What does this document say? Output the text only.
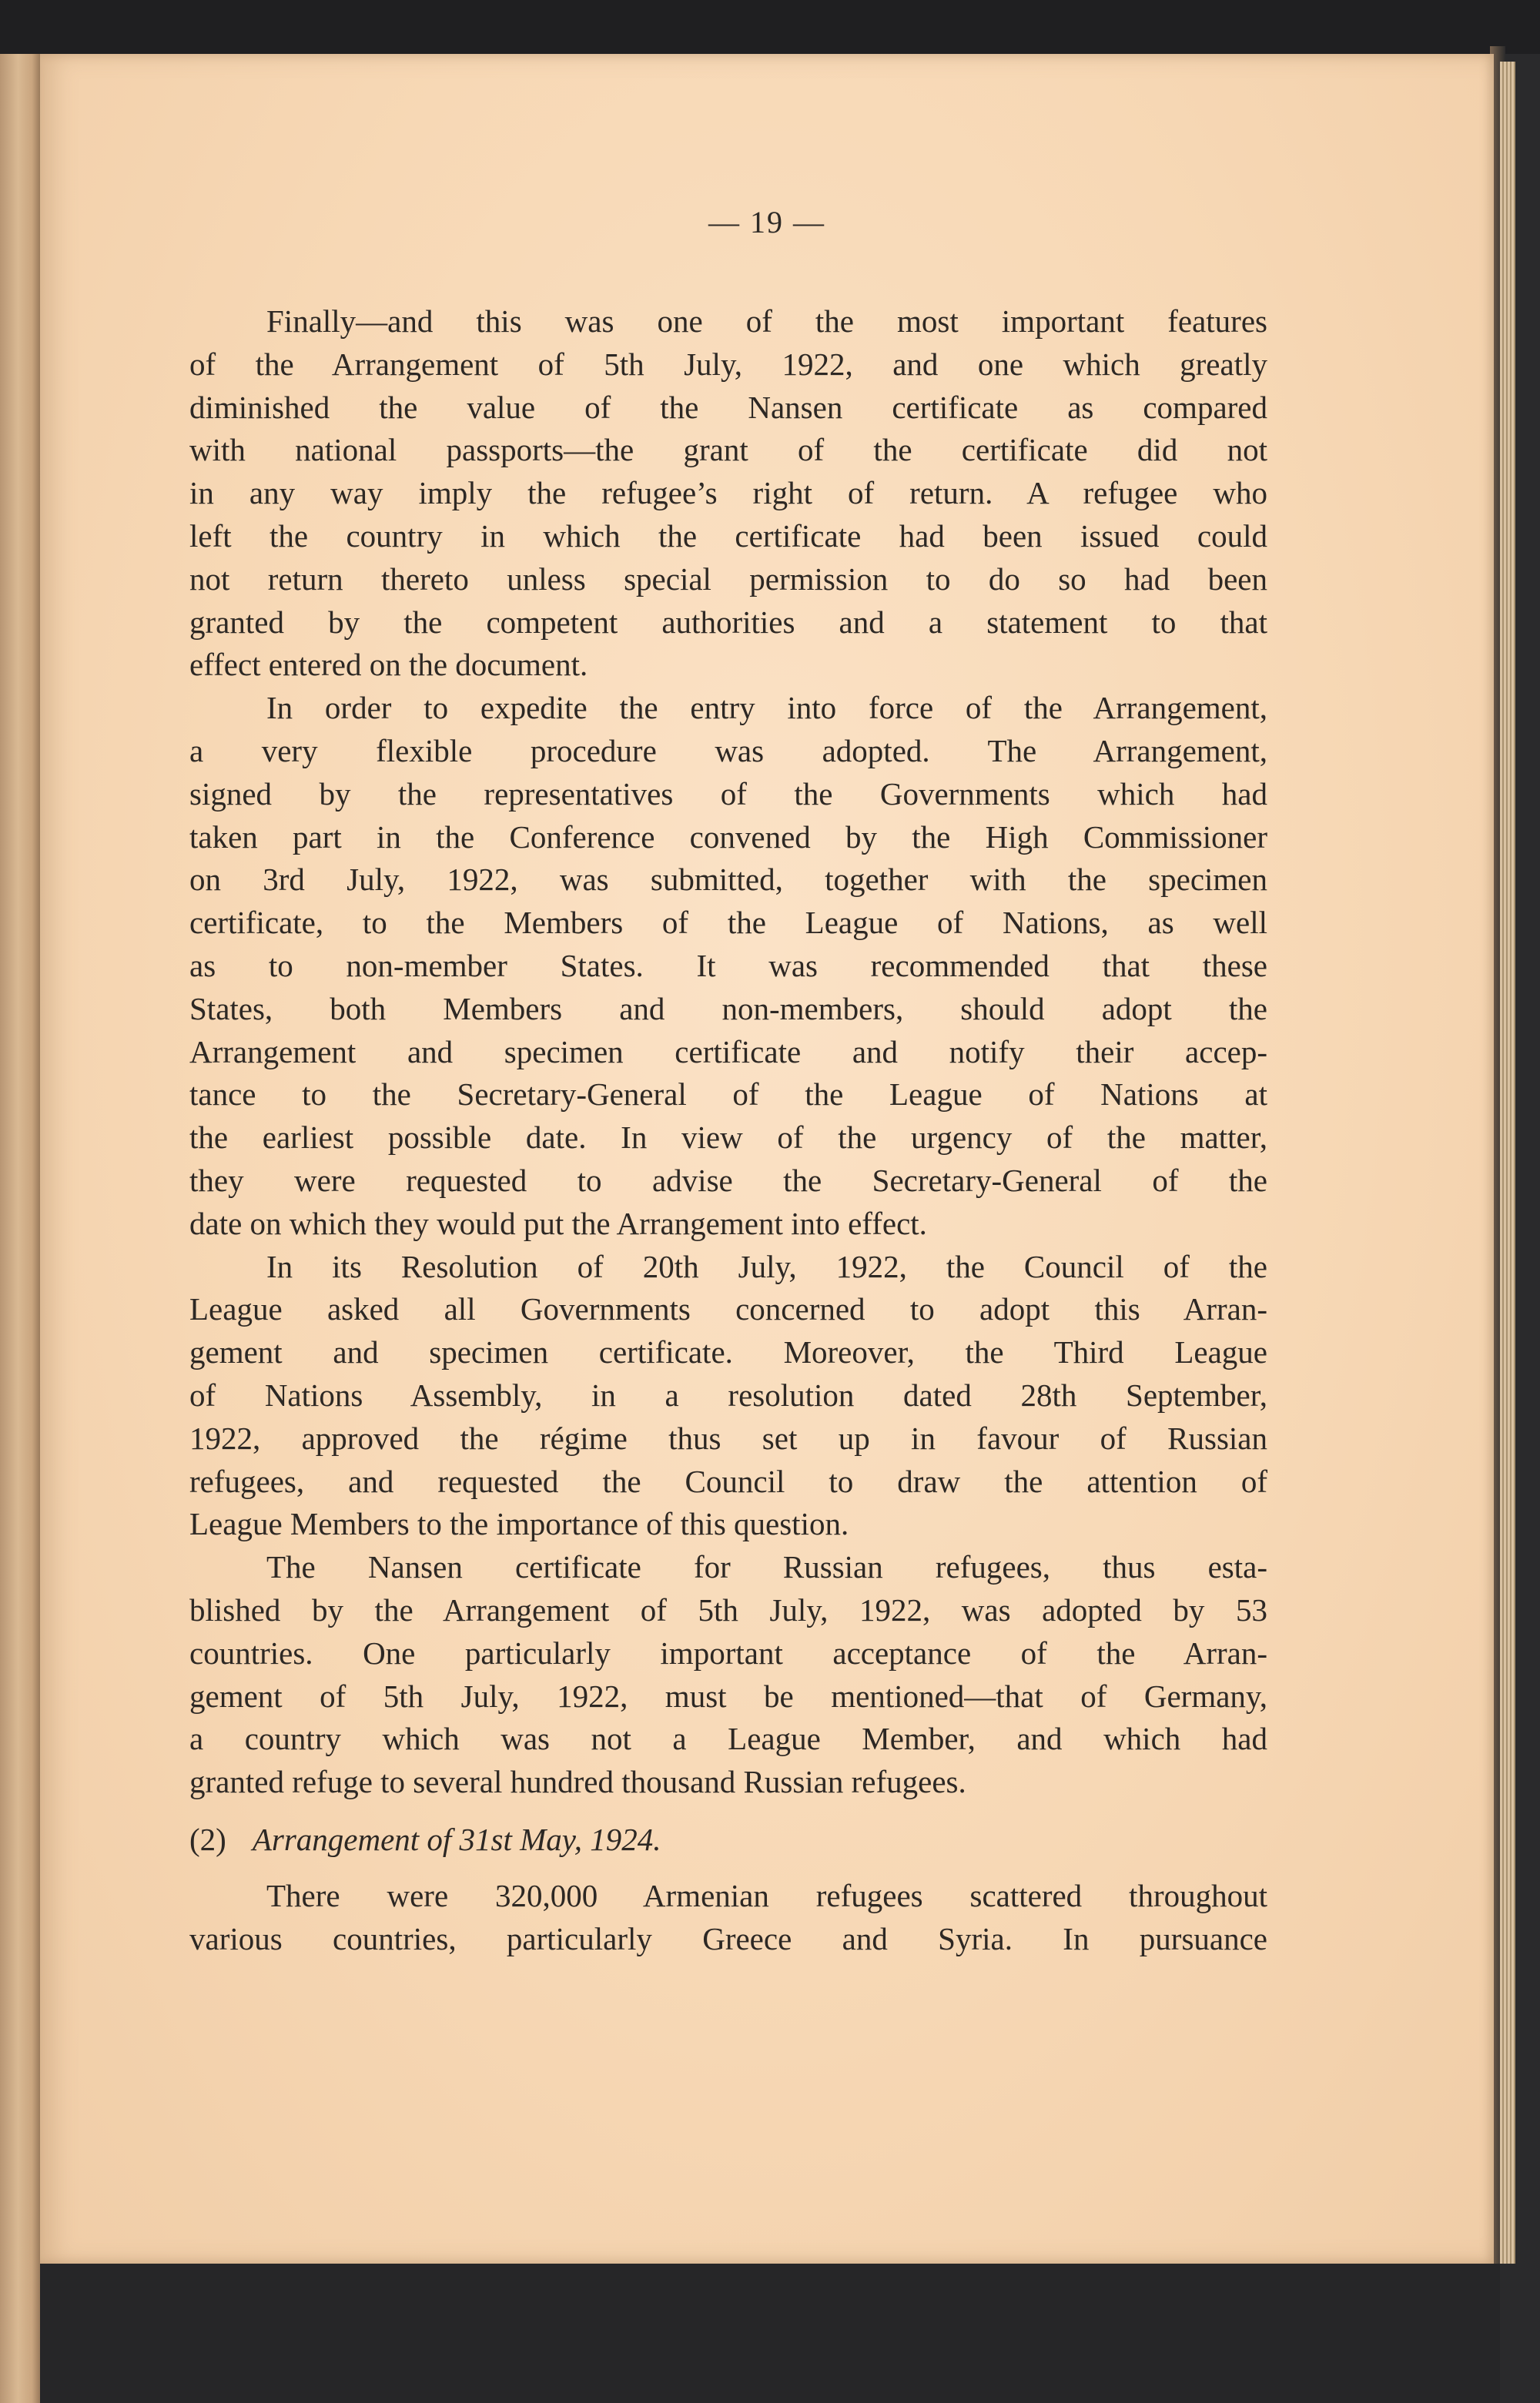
— 19 —
Finally—and this was one of the most important features
of the Arrangement of 5th July, 1922, and one which greatly
diminished the value of the Nansen certificate as compared
with national passports—the grant of the certificate did not
in any way imply the refugee’s right of return. A refugee who
left the country in which the certificate had been issued could
not return thereto unless special permission to do so had been
granted by the competent authorities and a statement to that
effect entered on the document.
In order to expedite the entry into force of the Arrangement,
a very flexible procedure was adopted. The Arrangement,
signed by the representatives of the Governments which had
taken part in the Conference convened by the High Commissioner
on 3rd July, 1922, was submitted, together with the specimen
certificate, to the Members of the League of Nations, as well
as to non-member States. It was recommended that these
States, both Members and non-members, should adopt the
Arrangement and specimen certificate and notify their accep-
tance to the Secretary-General of the League of Nations at
the earliest possible date. In view of the urgency of the matter,
they were requested to advise the Secretary-General of the
date on which they would put the Arrangement into effect.
In its Resolution of 20th July, 1922, the Council of the
League asked all Governments concerned to adopt this Arran-
gement and specimen certificate. Moreover, the Third League
of Nations Assembly, in a resolution dated 28th September,
1922, approved the régime thus set up in favour of Russian
refugees, and requested the Council to draw the attention of
League Members to the importance of this question.
The Nansen certificate for Russian refugees, thus esta-
blished by the Arrangement of 5th July, 1922, was adopted by 53
countries. One particularly important acceptance of the Arran-
gement of 5th July, 1922, must be mentioned—that of Germany,
a country which was not a League Member, and which had
granted refuge to several hundred thousand Russian refugees.
(2) Arrangement of 31st May, 1924.
There were 320,000 Armenian refugees scattered throughout
various countries, particularly Greece and Syria. In pursuance
